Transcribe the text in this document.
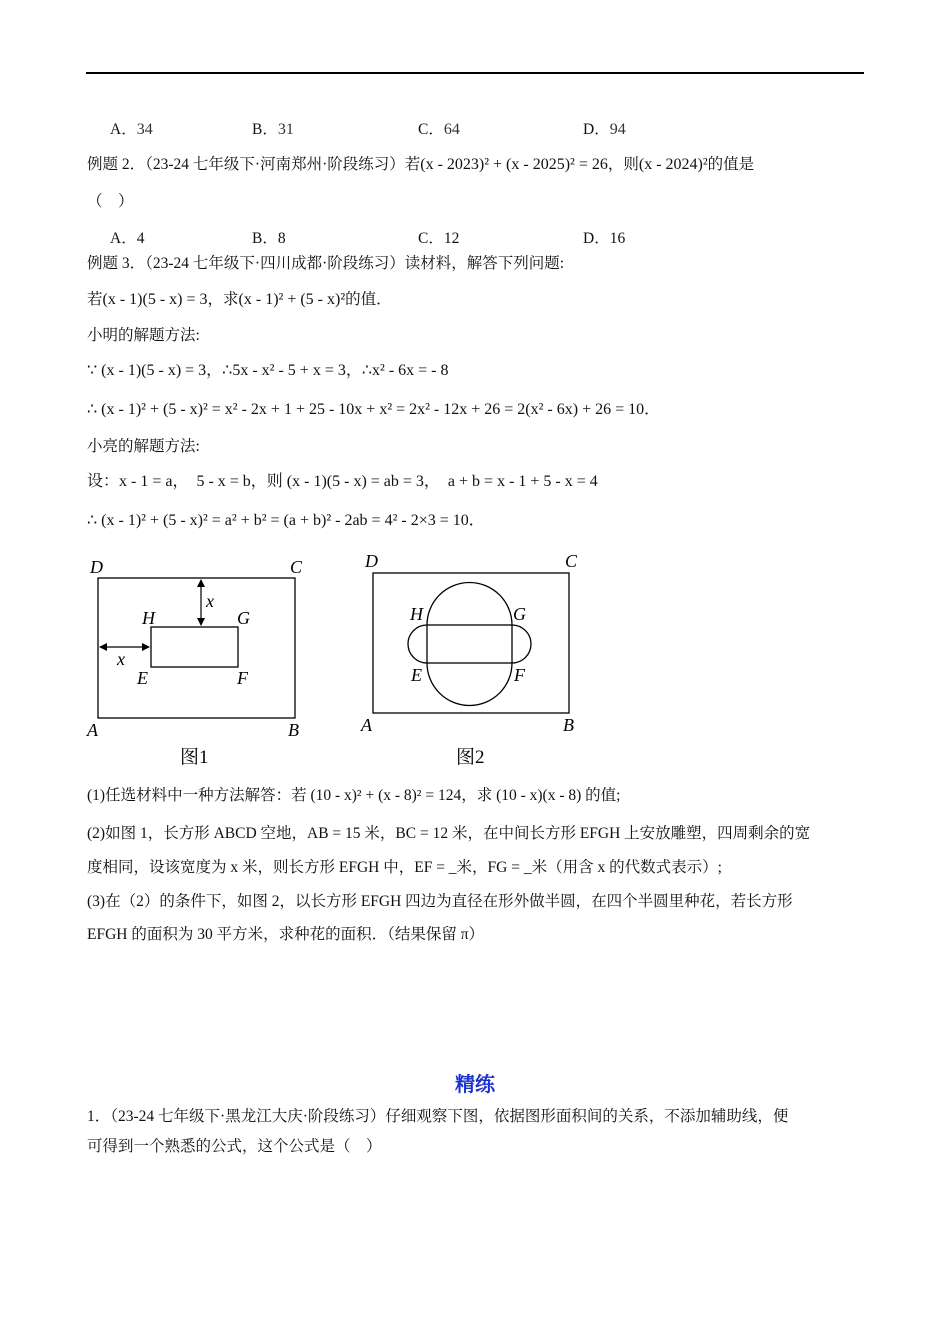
A．34	B．31	C．64	D．94
例题 2．（23-24 七年级下·河南郑州·阶段练习）若(x - 2023)² + (x - 2025)² = 26，则(x - 2024)²的值是
（　）
A．4	B．8	C．12	D．16
例题 3．（23-24 七年级下·四川成都·阶段练习）读材料，解答下列问题:
若(x - 1)(5 - x) = 3，求(x - 1)² + (5 - x)²的值．
小明的解题方法:
∵ (x - 1)(5 - x) = 3，∴5x - x² - 5 + x = 3，∴x² - 6x = - 8
∴ (x - 1)² + (5 - x)² = x² - 2x + 1 + 25 - 10x + x² = 2x² - 12x + 26 = 2(x² - 6x) + 26 = 10．
小亮的解题方法:
设：x - 1 = a，　5 - x = b，则 (x - 1)(5 - x) = ab = 3，　a + b = x - 1 + 5 - x = 4
∴ (x - 1)² + (5 - x)² = a² + b² = (a + b)² - 2ab = 4² - 2×3 = 10．
D	C
A	B
H	G
E	F
x
x
图1
D	C
A	B
H	G
E	F
图2
(1)任选材料中一种方法解答：若 (10 - x)² + (x - 8)² = 124，求 (10 - x)(x - 8) 的值;
(2)如图 1，长方形 ABCD 空地，AB = 15 米，BC = 12 米，在中间长方形 EFGH 上安放雕塑，四周剩余的宽
度相同，设该宽度为 x 米，则长方形 EFGH 中，EF = _米，FG = _米（用含 x 的代数式表示）;
(3)在（2）的条件下，如图 2，以长方形 EFGH 四边为直径在形外做半圆，在四个半圆里种花，若长方形
EFGH 的面积为 30 平方米，求种花的面积．（结果保留 π）
精练
1．（23-24 七年级下·黑龙江大庆·阶段练习）仔细观察下图，依据图形面积间的关系，不添加辅助线，便
可得到一个熟悉的公式，这个公式是（　）
